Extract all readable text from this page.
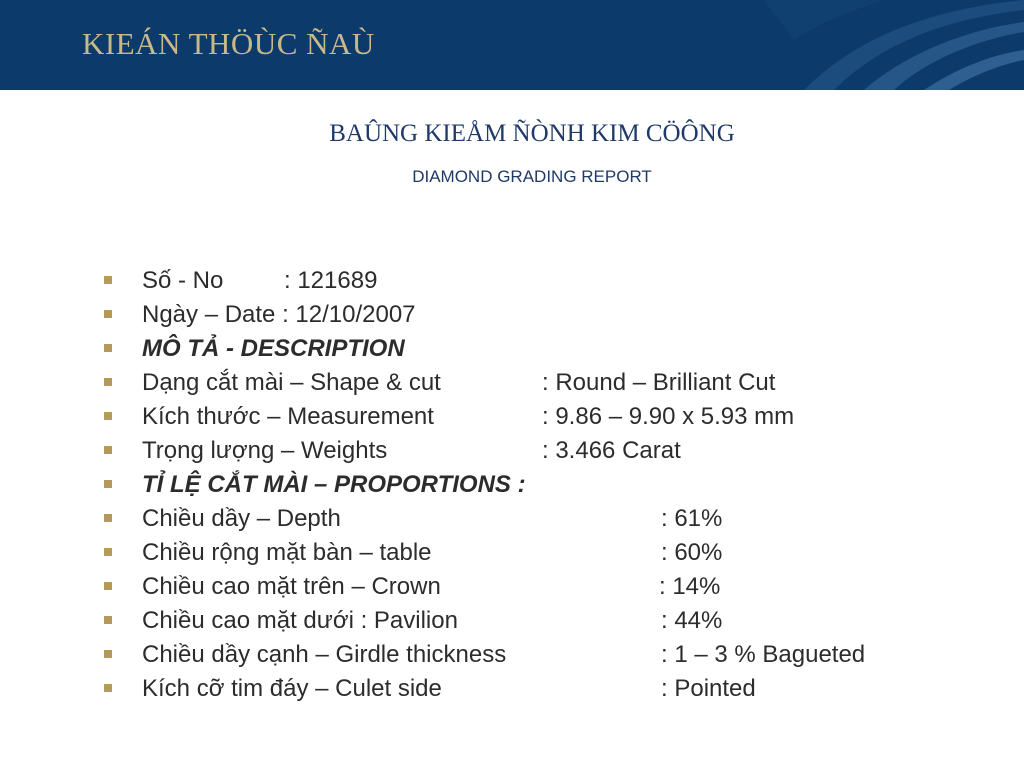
KIEÁN THÖÙC ÑAÙ
BAÛNG KIEÅM ÑÒNH KIM CÖÔNG
DIAMOND GRADING REPORT
Số - No	: 121689
Ngày – Date : 12/10/2007
MÔ TẢ - DESCRIPTION
Dạng cắt mài – Shape & cut	: Round – Brilliant Cut
Kích thước – Measurement	: 9.86 – 9.90 x 5.93 mm
Trọng lượng – Weights	: 3.466 Carat
TỈ LỆ CẮT MÀI – PROPORTIONS :
Chiều dầy – Depth	: 61%
Chiều rộng mặt bàn – table	: 60%
Chiều cao mặt trên – Crown	: 14%
Chiều cao mặt dưới : Pavilion	: 44%
Chiều dầy cạnh – Girdle thickness	: 1 – 3 % Bagueted
Kích cỡ tim đáy – Culet side	: Pointed
